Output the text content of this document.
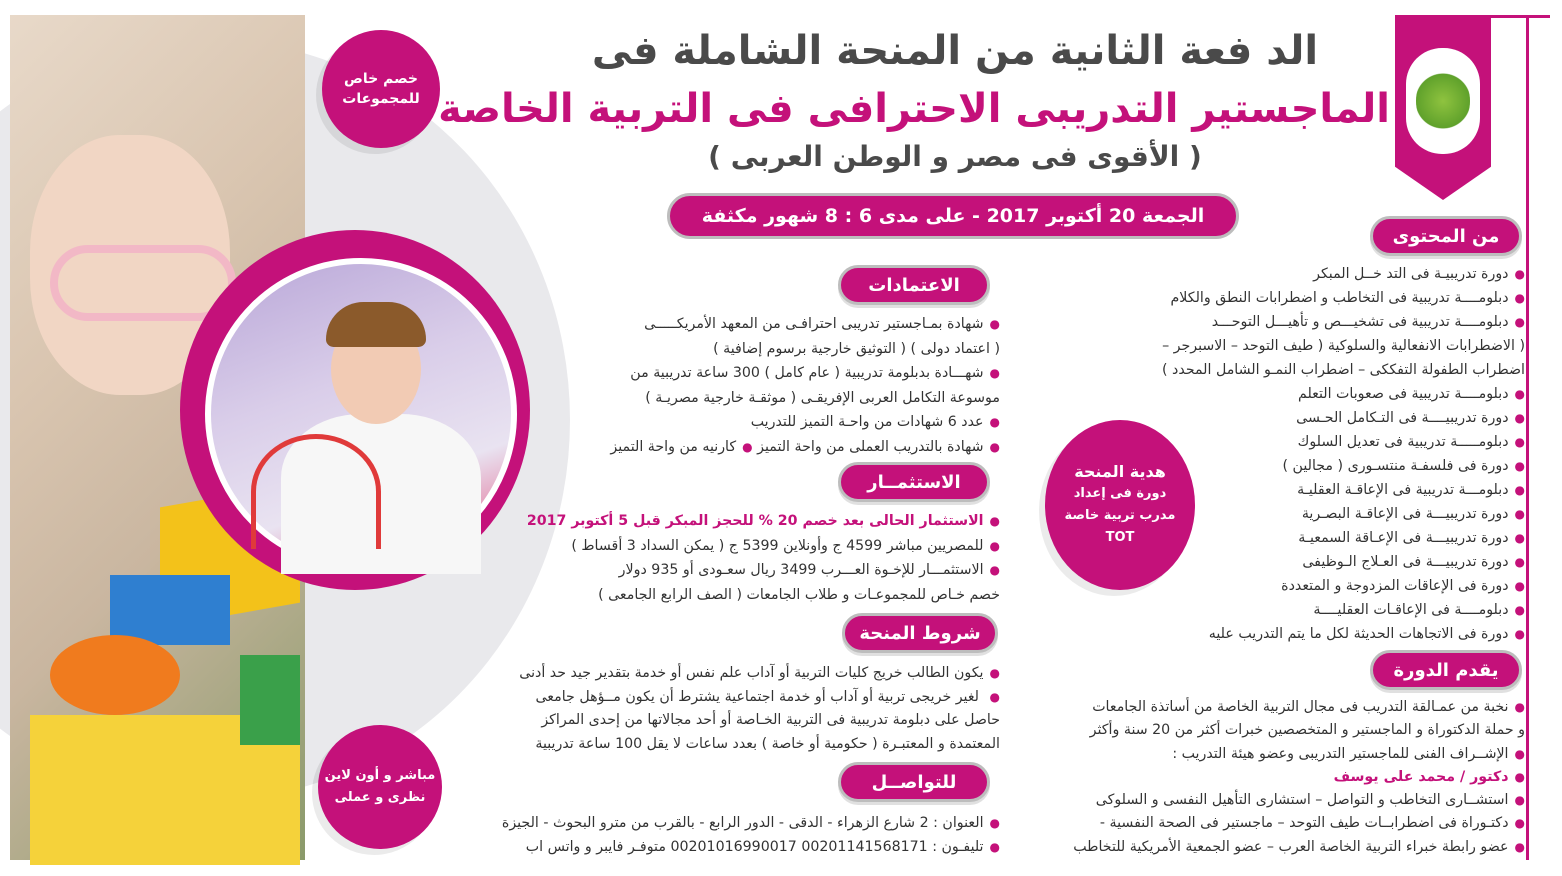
خصم خاص
للمجموعات
هدية المنحة
دورة فى إعداد
مدرب تربية خاصة
TOT
مباشر و أون لاين
نظرى و عملى
الد فعة الثانية من المنحة الشاملة فى
الماجستير التدريبى الاحترافى فى التربية الخاصة
( الأقوى فى مصر و الوطن العربى )
الجمعة 20 أكتوبر 2017 - على مدى 6 : 8 شهور مكثفة
الاعتمادات
الاستثمــار
شروط المنحة
للتواصــل
من المحتوى
يقدم الدورة
●شهادة بمـاجستير تدريبى احترافـى من المعهد الأمريكـــــى
( اعتماد دولى ) ( التوثيق خارجية برسوم إضافية )
●شهـــادة بدبلومة تدريبية ( عام كامل ) 300 ساعة تدريبية من
موسوعة التكامل العربى الإفريقـى ( موثقـة خارجية مصريـة )
●عدد 6 شهادات من واحـة التميز للتدريب
●شهادة بالتدريب العملى من واحة التميز ●كارنيه من واحة التميز
●الاستثمار الحالى بعد خصم 20 % للحجز المبكر قبل 5 أكتوبر 2017
●للمصريين مباشر 4599 ج وأونلاين 5399 ج ( يمكن السداد 3 أقساط )
●الاستثمـــار للإخـوة العـــرب 3499 ريال سعـودى أو 935 دولار
خصم خـاص للمجموعـات و طلاب الجامعات ( الصف الرابع الجامعى )
●يكون الطالب خريج كليات التربية أو آداب علم نفس أو خدمة بتقدير جيد حد أدنى
● لغير خريجى تربية أو آداب أو خدمة اجتماعية يشترط أن يكون مــؤهل جامعى
حاصل على دبلومة تدريبية فى التربية الخـاصة أو أحد مجالاتها من إحدى المراكز
المعتمدة و المعتبـرة ( حكومية أو خاصة ) بعدد ساعات لا يقل 100 ساعة تدريبية
●العنوان : 2 شارع الزهراء - الدقى - الدور الرابع - بالقرب من مترو البحوث - الجيزة
●تليفـون : 00201141568171 00201016990017 متوفـر فايبر و واتس اب
●دورة تدريبيـة فى التد خــل المبكر
●دبلومــــة تدريبية فى التخاطب و اضطرابات النطق والكلام
●دبلومــــة تدريبية فى تشخيـــص و تأهيـــل التوحـــد
( الاضطرابات الانفعالية والسلوكية ( طيف التوحد – الاسبرجر –
اضطراب الطفولة التفككى – اضطراب النمـو الشامل المحدد )
●دبلومــــة تدريبية فى صعوبات التعلم
●دورة تدريبيــــة فى التـكامل الحـسى
●دبلومـــــة تدريبية فى تعديل السلوك
●دورة فى فلسفـة منتسـورى ( مجالين )
●دبلومـــة تدريبية فى الإعاقـة العقليـة
●دورة تدريبيـــة فى الإعاقـة البصـرية
●دورة تدريبيـــة فى الإعـاقة السمعيـة
●دورة تدريبيـــة فى العـلاج الـوظيفى
●دورة فى الإعاقات المزدوجة و المتعددة
●دبلومــــة فى الإعاقـات العقليــــة
●دورة فى الاتجاهات الحديثة لكل ما يتم التدريب عليه
●نخبة من عمـالقة التدريب فى مجال التربية الخاصة من أساتذة الجامعات
و حملة الدكتوراة و الماجستير و المتخصصين خبرات أكثر من 20 سنة وأكثر
●الإشــراف الفنى للماجستير التدريبى وعضو هيئة التدريب :
●دكتور / محمد على يوسف
●استشــارى التخاطب و التواصل – استشارى التأهيل النفسى و السلوكى
●دكتـوراة فى اضطرابــات طيف التوحد – ماجستير فى الصحة النفسية -
●عضو رابطة خبراء التربية الخاصة العرب – عضو الجمعية الأمريكية للتخاطب
